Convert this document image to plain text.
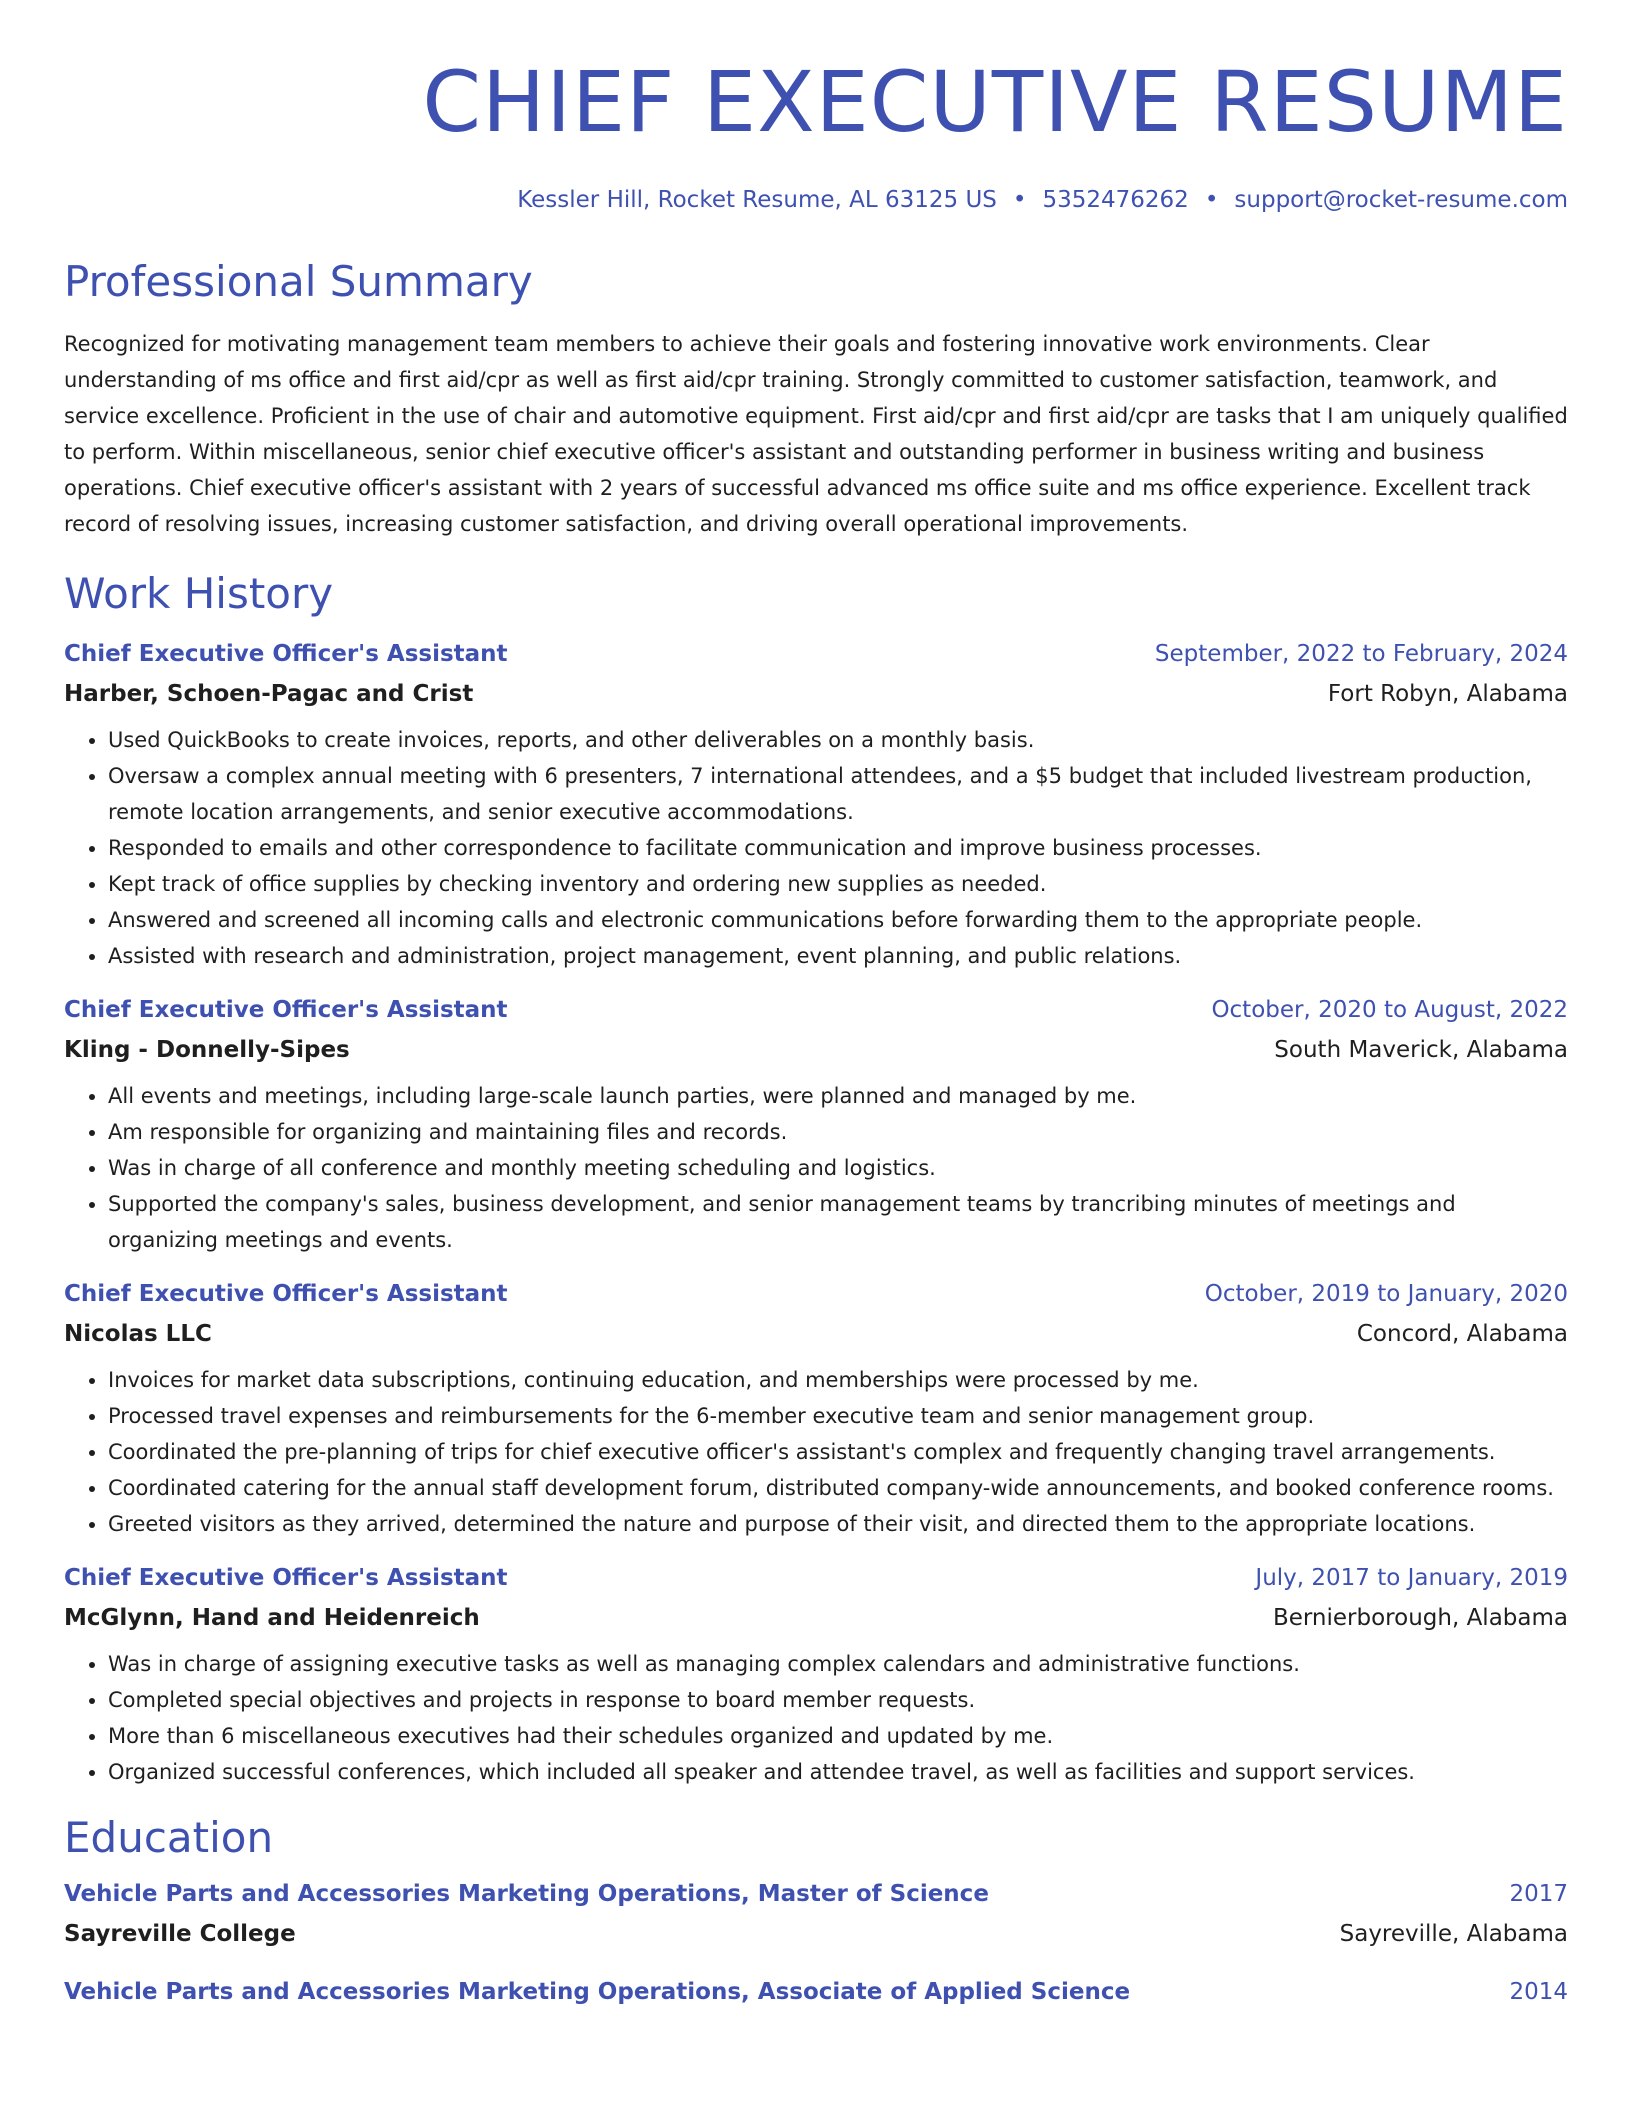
CHIEF EXECUTIVE RESUME
Kessler Hill, Rocket Resume, AL 63125 US • 5352476262 • support@rocket-resume.com
Professional Summary

Recognized for motivating management team members to achieve their goals and fostering innovative work environments. Clear understanding of ms office and first aid/cpr as well as first aid/cpr training. Strongly committed to customer satisfaction, teamwork, and service excellence. Proficient in the use of chair and automotive equipment. First aid/cpr and first aid/cpr are tasks that I am uniquely qualified to perform. Within miscellaneous, senior chief executive officer's assistant and outstanding performer in business writing and business operations. Chief executive officer's assistant with 2 years of successful advanced ms office suite and ms office experience. Excellent track record of resolving issues, increasing customer satisfaction, and driving overall operational improvements.

Work History
Chief Executive Officer's Assistant	September, 2022 to February, 2024
Harber, Schoen-Pagac and Crist	Fort Robyn, Alabama
• Used QuickBooks to create invoices, reports, and other deliverables on a monthly basis.
• Oversaw a complex annual meeting with 6 presenters, 7 international attendees, and a $5 budget that included livestream production, remote location arrangements, and senior executive accommodations.
• Responded to emails and other correspondence to facilitate communication and improve business processes.
• Kept track of office supplies by checking inventory and ordering new supplies as needed.
• Answered and screened all incoming calls and electronic communications before forwarding them to the appropriate people.
• Assisted with research and administration, project management, event planning, and public relations.
Chief Executive Officer's Assistant	October, 2020 to August, 2022
Kling - Donnelly-Sipes	South Maverick, Alabama
• All events and meetings, including large-scale launch parties, were planned and managed by me.
• Am responsible for organizing and maintaining files and records.
• Was in charge of all conference and monthly meeting scheduling and logistics.
• Supported the company's sales, business development, and senior management teams by trancribing minutes of meetings and organizing meetings and events.
Chief Executive Officer's Assistant	October, 2019 to January, 2020
Nicolas LLC	Concord, Alabama
• Invoices for market data subscriptions, continuing education, and memberships were processed by me.
• Processed travel expenses and reimbursements for the 6-member executive team and senior management group.
• Coordinated the pre-planning of trips for chief executive officer's assistant's complex and frequently changing travel arrangements.
• Coordinated catering for the annual staff development forum, distributed company-wide announcements, and booked conference rooms.
• Greeted visitors as they arrived, determined the nature and purpose of their visit, and directed them to the appropriate locations.
Chief Executive Officer's Assistant	July, 2017 to January, 2019
McGlynn, Hand and Heidenreich	Bernierborough, Alabama
• Was in charge of assigning executive tasks as well as managing complex calendars and administrative functions.
• Completed special objectives and projects in response to board member requests.
• More than 6 miscellaneous executives had their schedules organized and updated by me.
• Organized successful conferences, which included all speaker and attendee travel, as well as facilities and support services.
Education
Vehicle Parts and Accessories Marketing Operations, Master of Science	2017
Sayreville College	Sayreville, Alabama
Vehicle Parts and Accessories Marketing Operations, Associate of Applied Science	2014
